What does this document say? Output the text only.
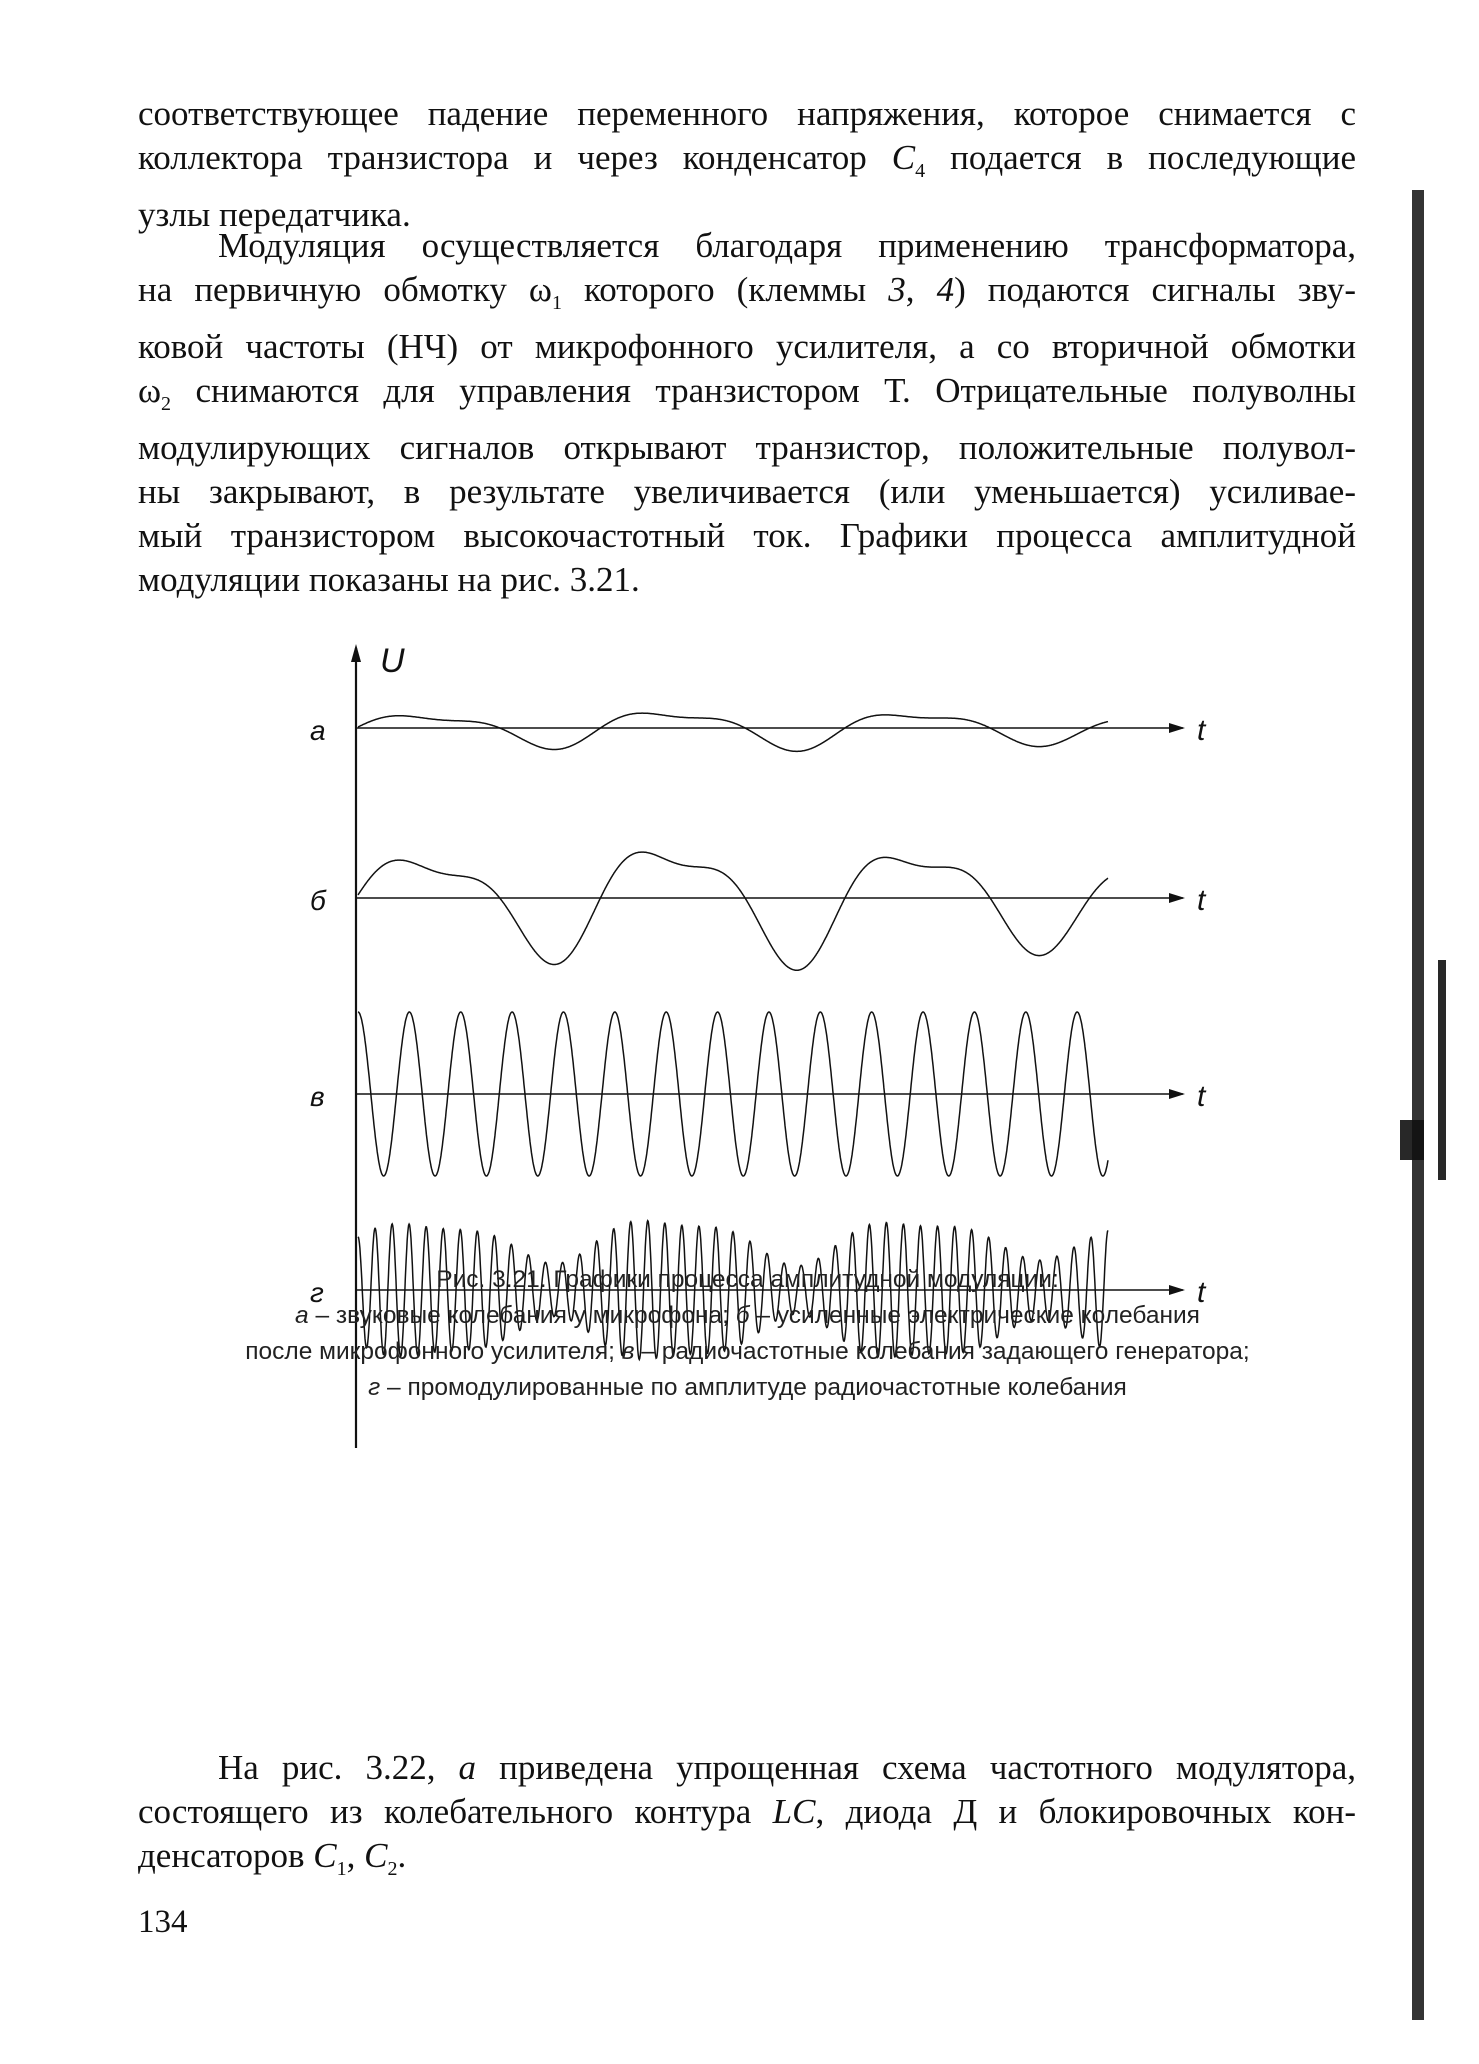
соответствующее падение переменного напряжения, которое снимается с
коллектора транзистора и через конденсатор $C_4$ подается в последующие
узлы передатчика.
Модуляция осуществляется благодаря применению трансформатора,
на первичную обмотку $\omega_1$ которого (клеммы 3, 4) подаются сигналы зву-
ковой частоты (НЧ) от микрофонного усилителя, а со вторичной обмотки
$\omega_2$ снимаются для управления транзистором Т. Отрицательные полуволны
модулирующих сигналов открывают транзистор, положительные полувол-
ны закрывают, в результате увеличивается (или уменьшается) усиливае-
мый транзистором высокочастотный ток. Графики процесса амплитудной
модуляции показаны на рис. 3.21.
U
t
а
t
б
t
в
t
г	Рис. 3.21. Графики процесса амплитудной модуляции:
а – звуковые колебания у микрофона; б – усиленные электрические колебания
после микрофонного усилителя; в – радиочастотные колебания задающего генератора;
г – промодулированные по амплитуде радиочастотные колебания
На рис. 3.22, а приведена упрощенная схема частотного модулятора,
состоящего из колебательного контура LC, диода Д и блокировочных кон-
денсаторов $C_1$, $C_2$.
134
